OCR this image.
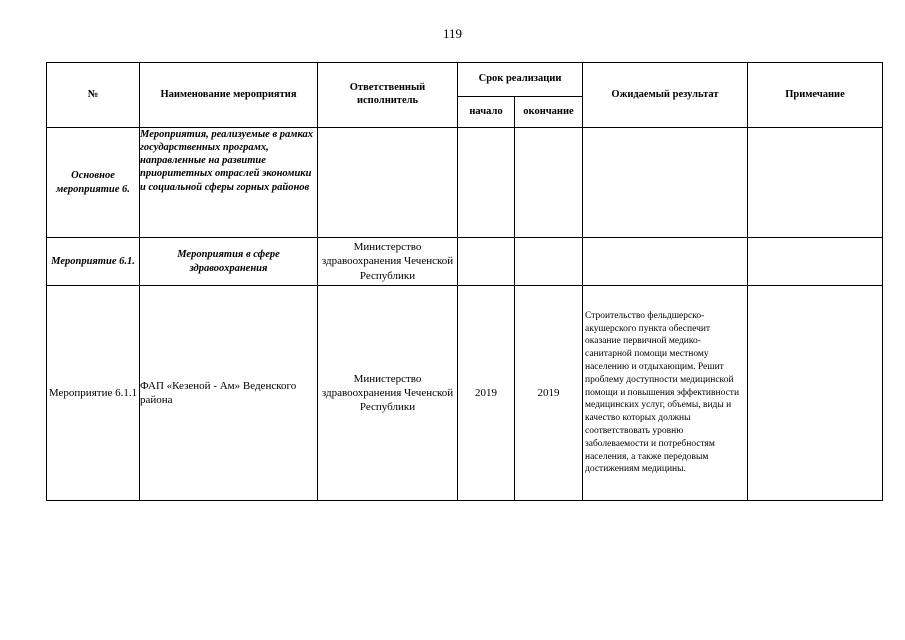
119
№	Наименование мероприятия	Ответственный исполнитель	Срок реализации		Ожидаемый результат	Примечание
			начало	окончание		
Основное мероприятие 6.	Мероприятия, реализуемые в рамках государственных програмх, направленные на развитие приоритетных отраслей экономики и социальной сферы горных районов					
Мероприятие 6.1.	Мероприятия в сфере здравоохранения	Министерство здравоохранения Чеченской Республики				
Мероприятие 6.1.1	ФАП «Кезеной - Ам» Веденского района	Министерство здравоохранения Чеченской Республики	2019	2019	Строительство фельдшерско-акушерского пункта обеспечит оказание первичной медико-санитарной помощи местному населению и отдыхающим. Решит проблему доступности медицинской помощи и повышения эффективности медицинских услуг, объемы, виды и качество которых должны соответствовать уровню заболеваемости и потребностям населения, а также передовым достижениям медицины.	
